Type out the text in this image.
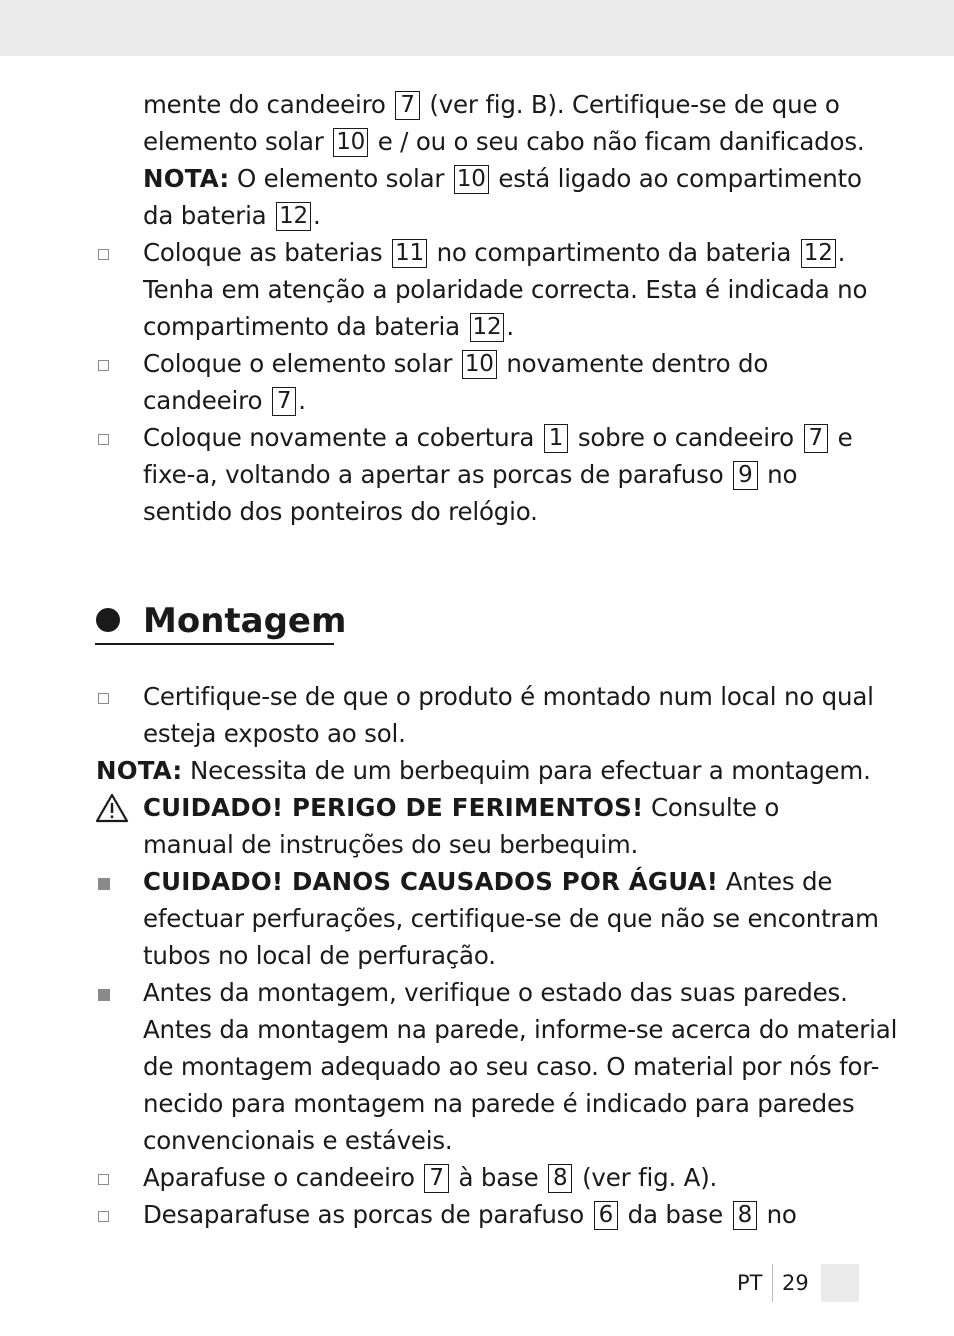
mente do candeeiro 7 (ver fig. B). Certifique-se de que o
elemento solar 10 e / ou o seu cabo não ficam danificados.
NOTA: O elemento solar 10 está ligado ao compartimento
da bateria 12 .
Coloque as baterias 11 no compartimento da bateria 12 .
Tenha em atenção a polaridade correcta. Esta é indicada no
compartimento da bateria 12 .
Coloque o elemento solar 10 novamente dentro do
candeeiro 7 .
Coloque novamente a cobertura 1 sobre o candeeiro 7 e
fixe-a, voltando a apertar as porcas de parafuso 9 no
sentido dos ponteiros do relógio.
Montagem
Certifique-se de que o produto é montado num local no qual
esteja exposto ao sol.
NOTA: Necessita de um berbequim para efectuar a montagem.
CUIDADO! PERIGO DE FERIMENTOS! Consulte o
manual de instruções do seu berbequim.
CUIDADO! DANOS CAUSADOS POR ÁGUA! Antes de
efectuar perfurações, certifique-se de que não se encontram
tubos no local de perfuração.
Antes da montagem, verifique o estado das suas paredes.
Antes da montagem na parede, informe-se acerca do material
de montagem adequado ao seu caso. O material por nós for-
necido para montagem na parede é indicado para paredes
convencionais e estáveis.
Aparafuse o candeeiro 7 à base 8 (ver fig. A).
Desaparafuse as porcas de parafuso 6 da base 8 no
PT 29
